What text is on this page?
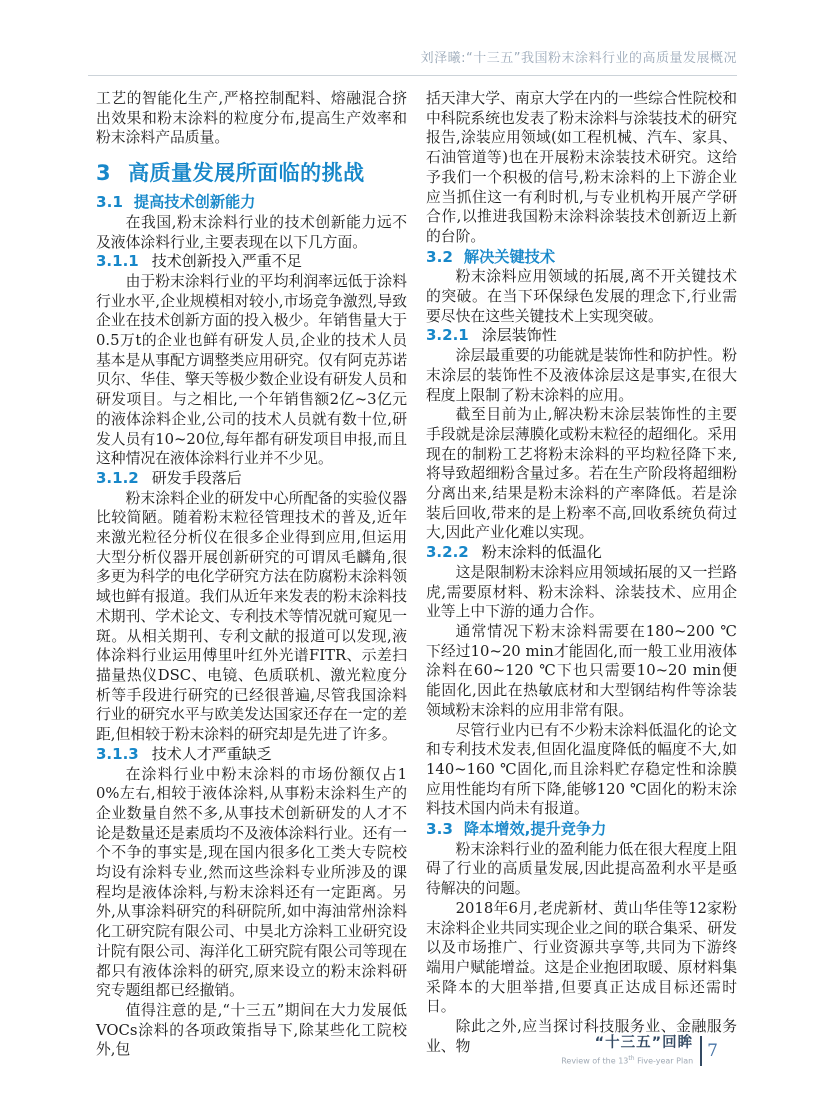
刘泽曦:“十三五”我国粉末涂料行业的高质量发展概况

工艺的智能化生产,严格控制配料、熔融混合挤出效果和粉末涂料的粒度分布,提高生产效率和粉末涂料产品质量。

3 高质量发展所面临的挑战
3.1 提高技术创新能力

在我国,粉末涂料行业的技术创新能力远不及液体涂料行业,主要表现在以下几方面。

3.1.1 技术创新投入严重不足

由于粉末涂料行业的平均利润率远低于涂料行业水平,企业规模相对较小,市场竞争激烈,导致企业在技术创新方面的投入极少。年销售量大于0.5万t的企业也鲜有研发人员,企业的技术人员基本是从事配方调整类应用研究。仅有阿克苏诺贝尔、华佳、擎天等极少数企业设有研发人员和研发项目。与之相比,一个年销售额2亿~3亿元的液体涂料企业,公司的技术人员就有数十位,研发人员有10~20位,每年都有研发项目申报,而且这种情况在液体涂料行业并不少见。

3.1.2 研发手段落后

粉末涂料企业的研发中心所配备的实验仪器比较简陋。随着粉末粒径管理技术的普及,近年来激光粒径分析仪在很多企业得到应用,但运用大型分析仪器开展创新研究的可谓凤毛麟角,很多更为科学的电化学研究方法在防腐粉末涂料领域也鲜有报道。我们从近年来发表的粉末涂料技术期刊、学术论文、专利技术等情况就可窥见一斑。从相关期刊、专利文献的报道可以发现,液体涂料行业运用傅里叶红外光谱FITR、示差扫描量热仪DSC、电镜、色质联机、激光粒度分析等手段进行研究的已经很普遍,尽管我国涂料行业的研究水平与欧美发达国家还存在一定的差距,但相较于粉末涂料的研究却是先进了许多。

3.1.3 技术人才严重缺乏

在涂料行业中粉末涂料的市场份额仅占10%左右,相较于液体涂料,从事粉末涂料生产的企业数量自然不多,从事技术创新研发的人才不论是数量还是素质均不及液体涂料行业。还有一个不争的事实是,现在国内很多化工类大专院校均设有涂料专业,然而这些涂料专业所涉及的课程均是液体涂料,与粉末涂料还有一定距离。另外,从事涂料研究的科研院所,如中海油常州涂料化工研究院有限公司、中昊北方涂料工业研究设计院有限公司、海洋化工研究院有限公司等现在都只有液体涂料的研究,原来设立的粉末涂料研究专题组都已经撤销。

值得注意的是,“十三五”期间在大力发展低VOCs涂料的各项政策指导下,除某些化工院校外,包

括天津大学、南京大学在内的一些综合性院校和中科院系统也发表了粉末涂料与涂装技术的研究报告,涂装应用领域(如工程机械、汽车、家具、石油管道等)也在开展粉末涂装技术研究。这给予我们一个积极的信号,粉末涂料的上下游企业应当抓住这一有利时机,与专业机构开展产学研合作,以推进我国粉末涂料涂装技术创新迈上新的台阶。

3.2 解决关键技术

粉末涂料应用领域的拓展,离不开关键技术的突破。在当下环保绿色发展的理念下,行业需要尽快在这些关键技术上实现突破。

3.2.1 涂层装饰性

涂层最重要的功能就是装饰性和防护性。粉末涂层的装饰性不及液体涂层这是事实,在很大程度上限制了粉末涂料的应用。

截至目前为止,解决粉末涂层装饰性的主要手段就是涂层薄膜化或粉末粒径的超细化。采用现在的制粉工艺将粉末涂料的平均粒径降下来,将导致超细粉含量过多。若在生产阶段将超细粉分离出来,结果是粉末涂料的产率降低。若是涂装后回收,带来的是上粉率不高,回收系统负荷过大,因此产业化难以实现。

3.2.2 粉末涂料的低温化

这是限制粉末涂料应用领域拓展的又一拦路虎,需要原材料、粉末涂料、涂装技术、应用企业等上中下游的通力合作。

通常情况下粉末涂料需要在180~200 ℃下经过10~20 min才能固化,而一般工业用液体涂料在60~120 ℃下也只需要10~20 min便能固化,因此在热敏底材和大型钢结构件等涂装领域粉末涂料的应用非常有限。

尽管行业内已有不少粉末涂料低温化的论文和专利技术发表,但固化温度降低的幅度不大,如140~160 ℃固化,而且涂料贮存稳定性和涂膜应用性能均有所下降,能够120 ℃固化的粉末涂料技术国内尚未有报道。

3.3 降本增效,提升竞争力

粉末涂料行业的盈利能力低在很大程度上阻碍了行业的高质量发展,因此提高盈利水平是亟待解决的问题。

2018年6月,老虎新材、黄山华佳等12家粉末涂料企业共同实现企业之间的联合集采、研发以及市场推广、行业资源共享等,共同为下游终端用户赋能增益。这是企业抱团取暖、原材料集采降本的大胆举措,但要真正达成目标还需时日。

除此之外,应当探讨科技服务业、金融服务业、物	“十三五”回眸
Review of the 13th Five-year Plan
7
